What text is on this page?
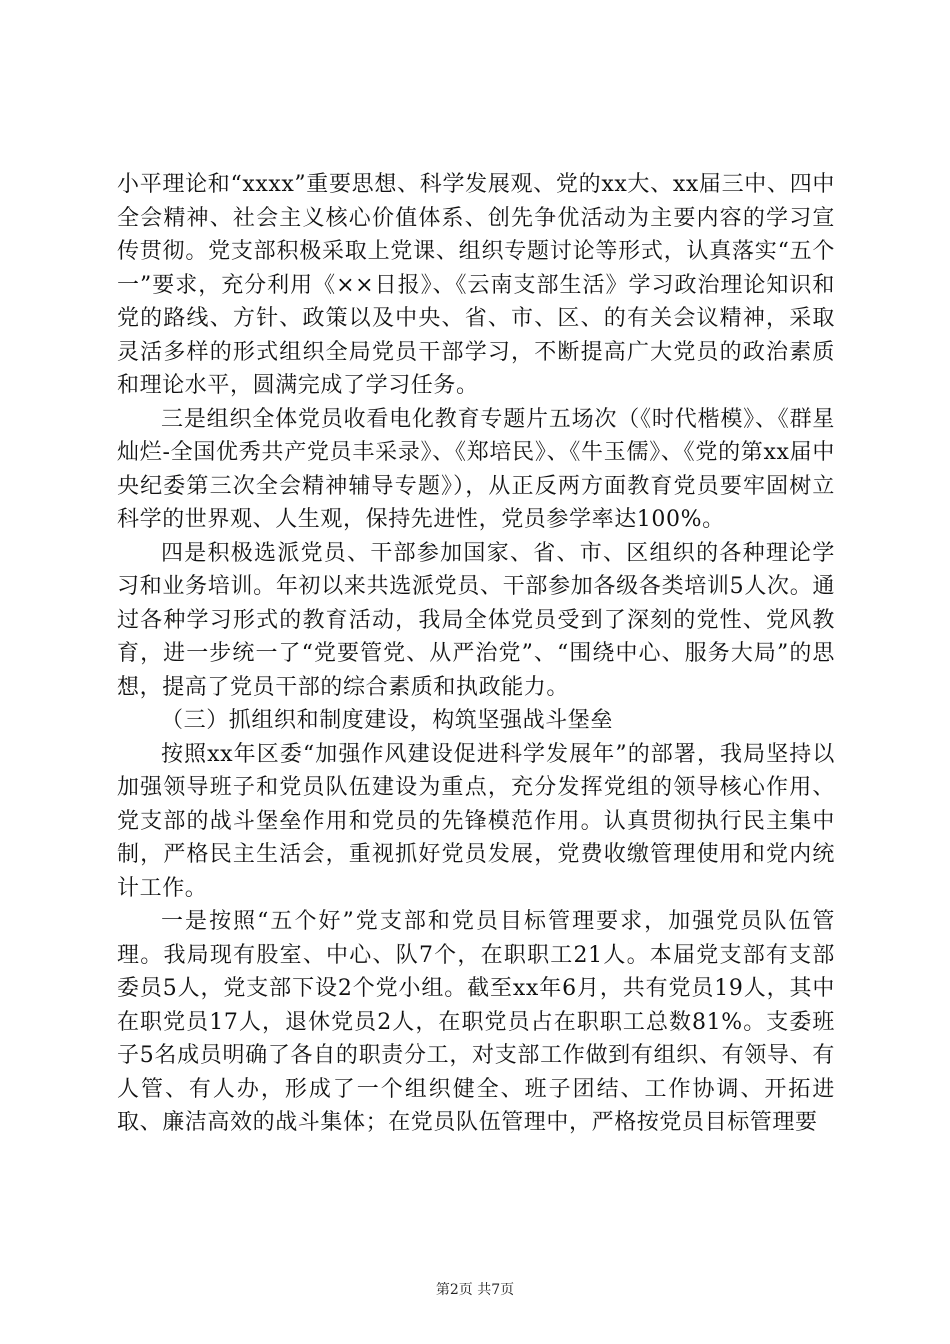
小平理论和“xxxx”重要思想、科学发展观、党的xx大、xx届三中、四中全会精神、社会主义核心价值体系、创先争优活动为主要内容的学习宣传贯彻。党支部积极采取上党课、组织专题讨论等形式，认真落实“五个一”要求，充分利用《××日报》、《云南支部生活》学习政治理论知识和党的路线、方针、政策以及中央、省、市、区、的有关会议精神，采取灵活多样的形式组织全局党员干部学习，不断提高广大党员的政治素质和理论水平，圆满完成了学习任务。

三是组织全体党员收看电化教育专题片五场次（《时代楷模》、《群星灿烂-全国优秀共产党员丰采录》、《郑培民》、《牛玉儒》、《党的第xx届中央纪委第三次全会精神辅导专题》），从正反两方面教育党员要牢固树立科学的世界观、人生观，保持先进性，党员参学率达100%。

四是积极选派党员、干部参加国家、省、市、区组织的各种理论学习和业务培训。年初以来共选派党员、干部参加各级各类培训5人次。通过各种学习形式的教育活动，我局全体党员受到了深刻的党性、党风教育，进一步统一了“党要管党、从严治党”、“围绕中心、服务大局”的思想，提高了党员干部的综合素质和执政能力。

（三）抓组织和制度建设，构筑坚强战斗堡垒

按照xx年区委“加强作风建设促进科学发展年”的部署，我局坚持以加强领导班子和党员队伍建设为重点，充分发挥党组的领导核心作用、党支部的战斗堡垒作用和党员的先锋模范作用。认真贯彻执行民主集中制，严格民主生活会，重视抓好党员发展，党费收缴管理使用和党内统计工作。

一是按照“五个好”党支部和党员目标管理要求，加强党员队伍管理。我局现有股室、中心、队7个，在职职工21人。本届党支部有支部委员5人，党支部下设2个党小组。截至xx年6月，共有党员19人，其中在职党员17人，退休党员2人，在职党员占在职职工总数81%。支委班子5名成员明确了各自的职责分工，对支部工作做到有组织、有领导、有人管、有人办，形成了一个组织健全、班子团结、工作协调、开拓进取、廉洁高效的战斗集体；在党员队伍管理中，严格按党员目标管理要

第2页 共7页
